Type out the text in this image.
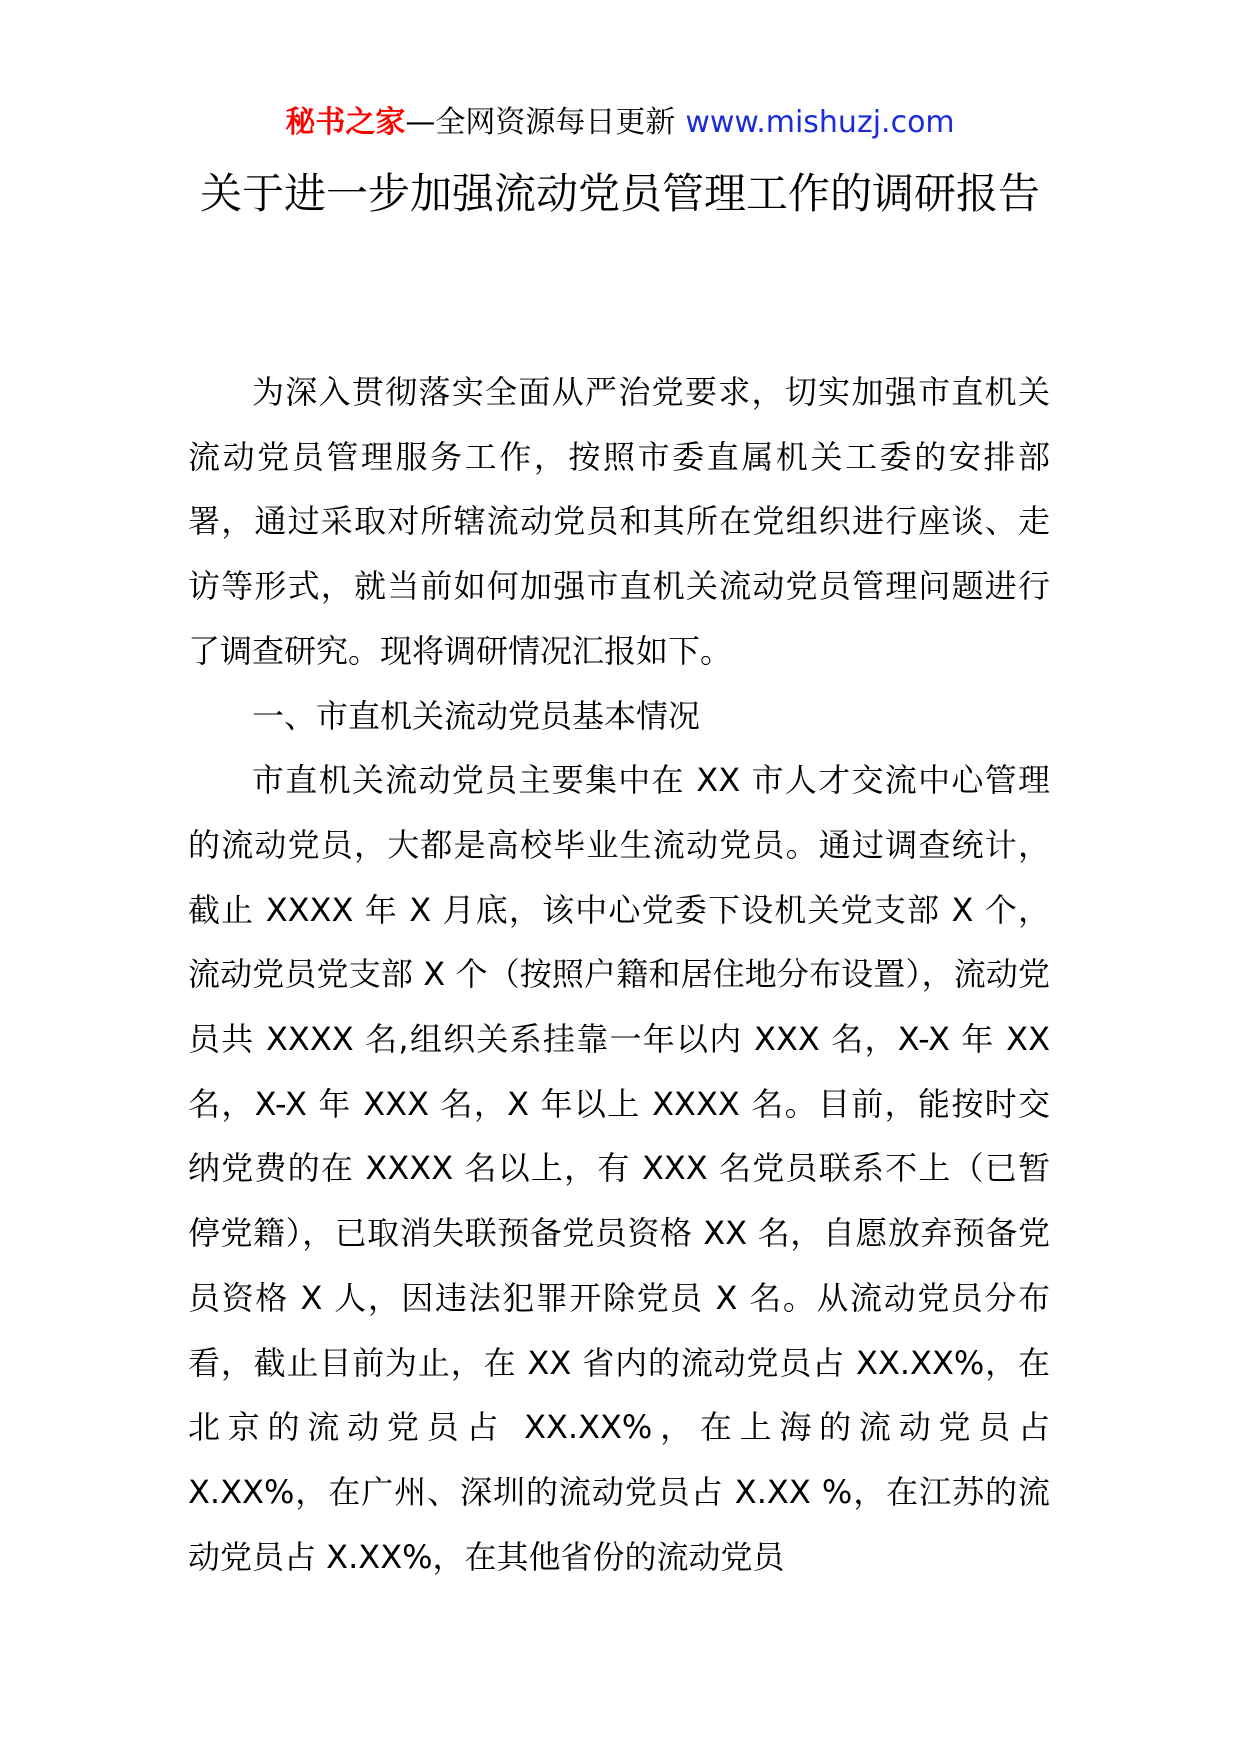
秘书之家—全网资源每日更新 www.mishuzj.com
关于进一步加强流动党员管理工作的调研报告

为深入贯彻落实全面从严治党要求，切实加强市直机关流动党员管理服务工作，按照市委直属机关工委的安排部署，通过采取对所辖流动党员和其所在党组织进行座谈、走访等形式，就当前如何加强市直机关流动党员管理问题进行了调查研究。现将调研情况汇报如下。

一、市直机关流动党员基本情况

市直机关流动党员主要集中在 XX 市人才交流中心管理的流动党员，大都是高校毕业生流动党员。通过调查统计，截止 XXXX 年 X 月底，该中心党委下设机关党支部 X 个，流动党员党支部 X 个（按照户籍和居住地分布设置），流动党员共 XXXX 名,组织关系挂靠一年以内 XXX 名，X-X 年 XX 名，X-X 年 XXX 名，X 年以上 XXXX 名。目前，能按时交纳党费的在 XXXX 名以上，有 XXX 名党员联系不上（已暂停党籍），已取消失联预备党员资格 XX 名，自愿放弃预备党员资格 X 人，因违法犯罪开除党员 X 名。从流动党员分布看，截止目前为止，在 XX 省内的流动党员占 XX.XX%，在北京的流动党员占 XX.XX%，在上海的流动党员占 X.XX%，在广州、深圳的流动党员占 X.XX %，在江苏的流动党员占 X.XX%，在其他省份的流动党员
